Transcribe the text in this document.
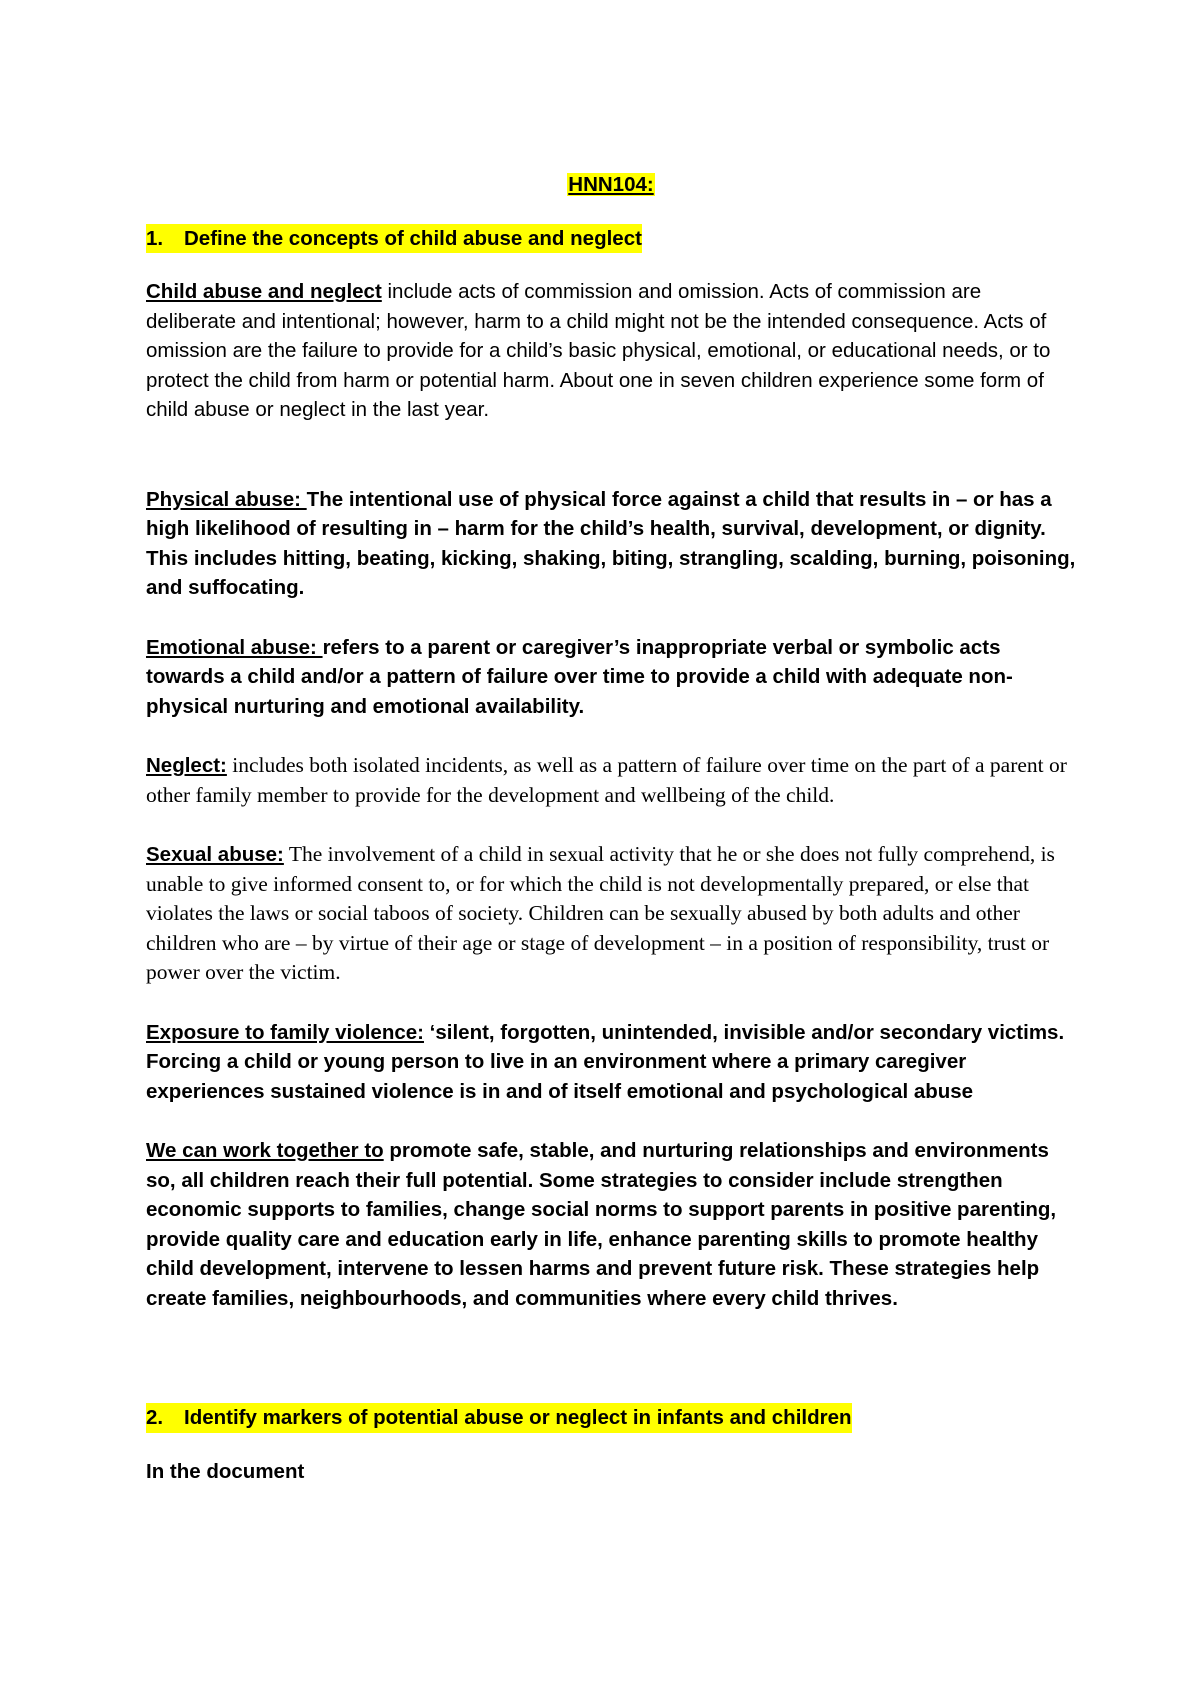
HNN104:
1.	Define the concepts of child abuse and neglect

Child abuse and neglect include acts of commission and omission. Acts of commission are deliberate and intentional; however, harm to a child might not be the intended consequence. Acts of omission are the failure to provide for a child’s basic physical, emotional, or educational needs, or to protect the child from harm or potential harm. About one in seven children experience some form of child abuse or neglect in the last year.

Physical abuse: The intentional use of physical force against a child that results in – or has a high likelihood of resulting in – harm for the child’s health, survival, development, or dignity. This includes hitting, beating, kicking, shaking, biting, strangling, scalding, burning, poisoning, and suffocating.

Emotional abuse: refers to a parent or caregiver’s inappropriate verbal or symbolic acts towards a child and/or a pattern of failure over time to provide a child with adequate non-physical nurturing and emotional availability.

Neglect: includes both isolated incidents, as well as a pattern of failure over time on the part of a parent or other family member to provide for the development and wellbeing of the child.

Sexual abuse: The involvement of a child in sexual activity that he or she does not fully comprehend, is unable to give informed consent to, or for which the child is not developmentally prepared, or else that violates the laws or social taboos of society. Children can be sexually abused by both adults and other children who are – by virtue of their age or stage of development – in a position of responsibility, trust or power over the victim.

Exposure to family violence: ‘silent, forgotten, unintended, invisible and/or secondary victims. Forcing a child or young person to live in an environment where a primary caregiver experiences sustained violence is in and of itself emotional and psychological abuse

We can work together to promote safe, stable, and nurturing relationships and environments so, all children reach their full potential. Some strategies to consider include strengthen economic supports to families, change social norms to support parents in positive parenting, provide quality care and education early in life, enhance parenting skills to promote healthy child development, intervene to lessen harms and prevent future risk. These strategies help create families, neighbourhoods, and communities where every child thrives.

2.	Identify markers of potential abuse or neglect in infants and children

In the document
